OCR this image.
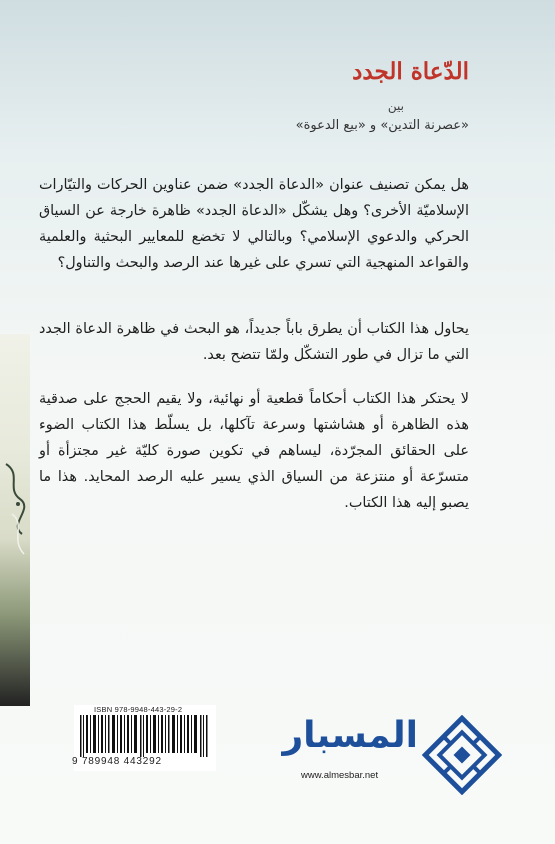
الدّعاة الجدد
بين
«عصرنة التدين» و «بيع الدعوة»
هل يمكن تصنيف عنوان «الدعاة الجدد» ضمن عناوين الحركات والتيّارات الإسلاميّة الأخرى؟ وهل يشكّل «الدعاة الجدد» ظاهرة خارجة عن السياق الحركي والدعوي الإسلامي؟ وبالتالي لا تخضع للمعايير البحثية والعلمية والقواعد المنهجية التي تسري على غيرها عند الرصد والبحث والتناول؟
يحاول هذا الكتاب أن يطرق باباً جديداً، هو البحث في ظاهرة الدعاة الجدد التي ما تزال في طور التشكّل ولمّا تتضح بعد.
لا يحتكر هذا الكتاب أحكاماً قطعية أو نهائية، ولا يقيم الحجج على صدقية هذه الظاهرة أو هشاشتها وسرعة تآكلها، بل يسلّط هذا الكتاب الضوء على الحقائق المجرّدة، ليساهم في تكوين صورة كليّة غير مجتزأة أو متسرّعة أو منتزعة من السياق الذي يسير عليه الرصد المحايد. هذا ما يصبو إليه هذا الكتاب.
ISBN 978-9948-443-29-2
9 789948 443292
المسبار
www.almesbar.net
